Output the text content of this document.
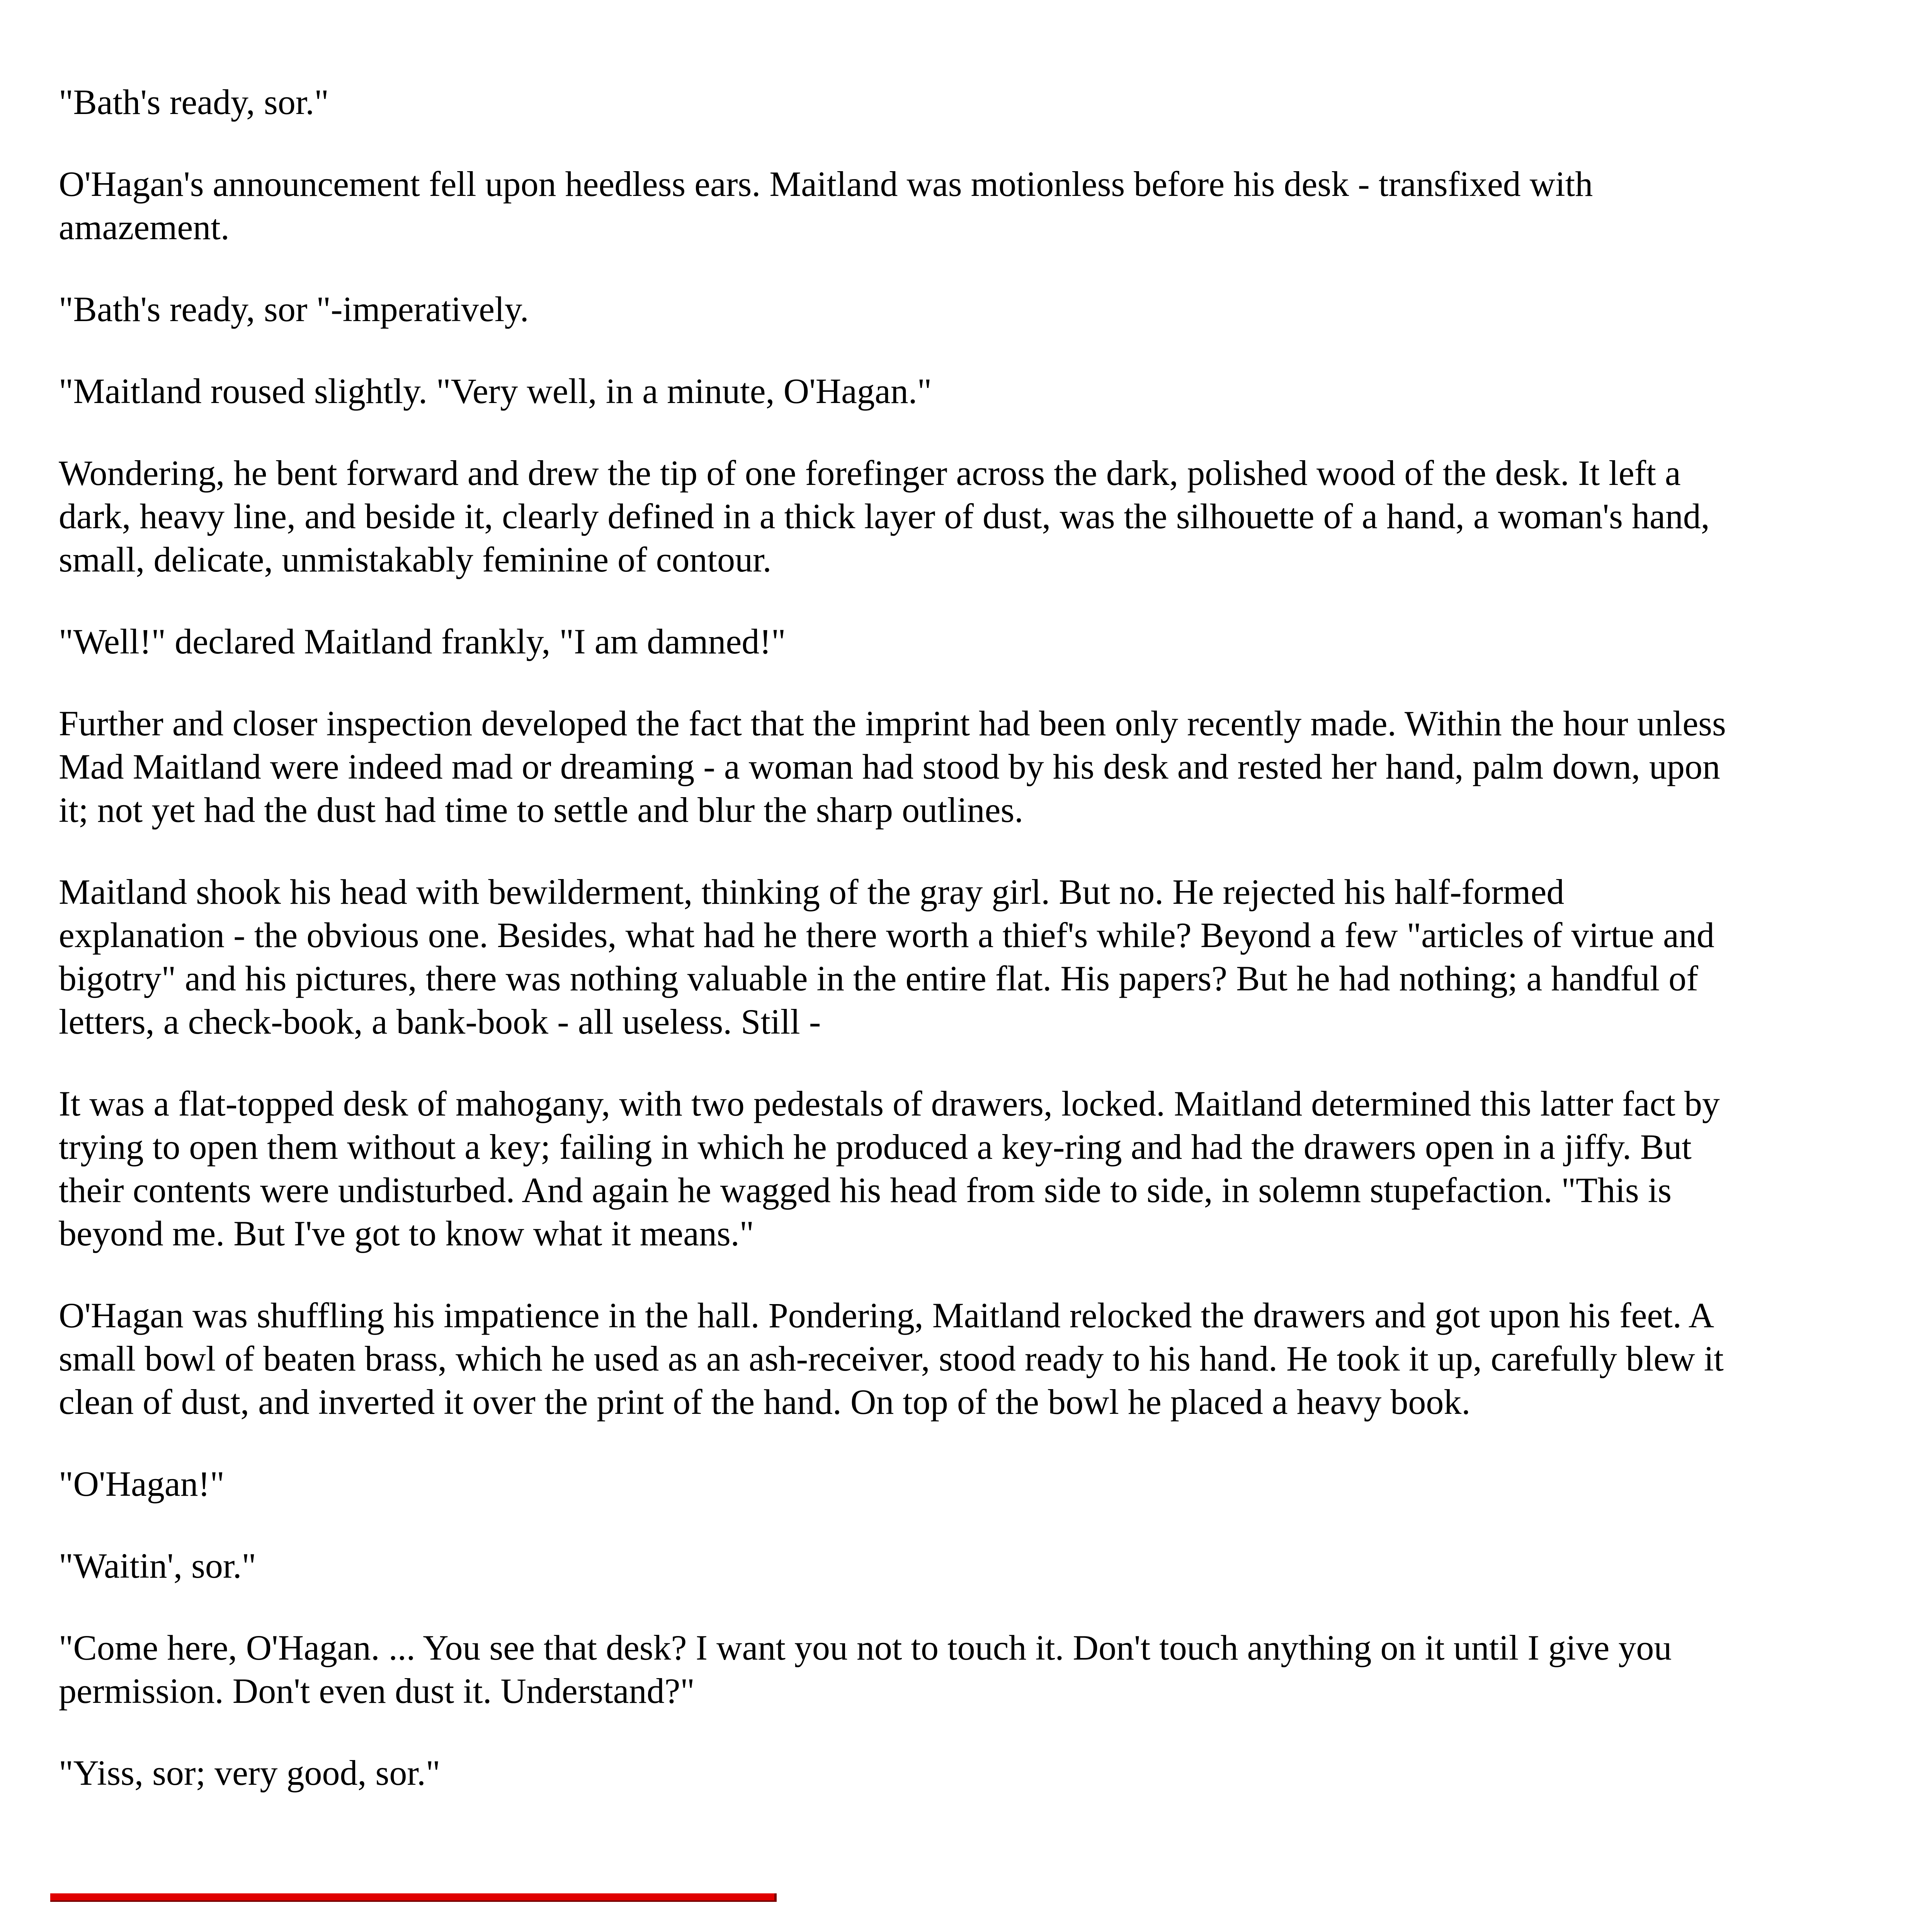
"Bath's ready, sor."

O'Hagan's announcement fell upon heedless ears. Maitland was motionless before his desk - transfixed with amazement.

"Bath's ready, sor "-imperatively.

"Maitland roused slightly. "Very well, in a minute, O'Hagan."

Wondering, he bent forward and drew the tip of one forefinger across the dark, polished wood of the desk. It left a dark, heavy line, and beside it, clearly defined in a thick layer of dust, was the silhouette of a hand, a woman's hand, small, delicate, unmistakably feminine of contour.

"Well!" declared Maitland frankly, "I am damned!"

Further and closer inspection developed the fact that the imprint had been only recently made. Within the hour unless Mad Maitland were indeed mad or dreaming - a woman had stood by his desk and rested her hand, palm down, upon it; not yet had the dust had time to settle and blur the sharp outlines.

Maitland shook his head with bewilderment, thinking of the gray girl. But no. He rejected his half-formed explanation - the obvious one. Besides, what had he there worth a thief's while? Beyond a few "articles of virtue and bigotry" and his pictures, there was nothing valuable in the entire flat. His papers? But he had nothing; a handful of letters, a check-book, a bank-book - all useless. Still -

It was a flat-topped desk of mahogany, with two pedestals of drawers, locked. Maitland determined this latter fact by trying to open them without a key; failing in which he produced a key-ring and had the drawers open in a jiffy. But their contents were undisturbed. And again he wagged his head from side to side, in solemn stupefaction. "This is beyond me. But I've got to know what it means."

O'Hagan was shuffling his impatience in the hall. Pondering, Maitland relocked the drawers and got upon his feet. A small bowl of beaten brass, which he used as an ash-receiver, stood ready to his hand. He took it up, carefully blew it clean of dust, and inverted it over the print of the hand. On top of the bowl he placed a heavy book.

"O'Hagan!"

"Waitin', sor."

"Come here, O'Hagan. ... You see that desk? I want you not to touch it. Don't touch anything on it until I give you permission. Don't even dust it. Understand?"

"Yiss, sor; very good, sor."
